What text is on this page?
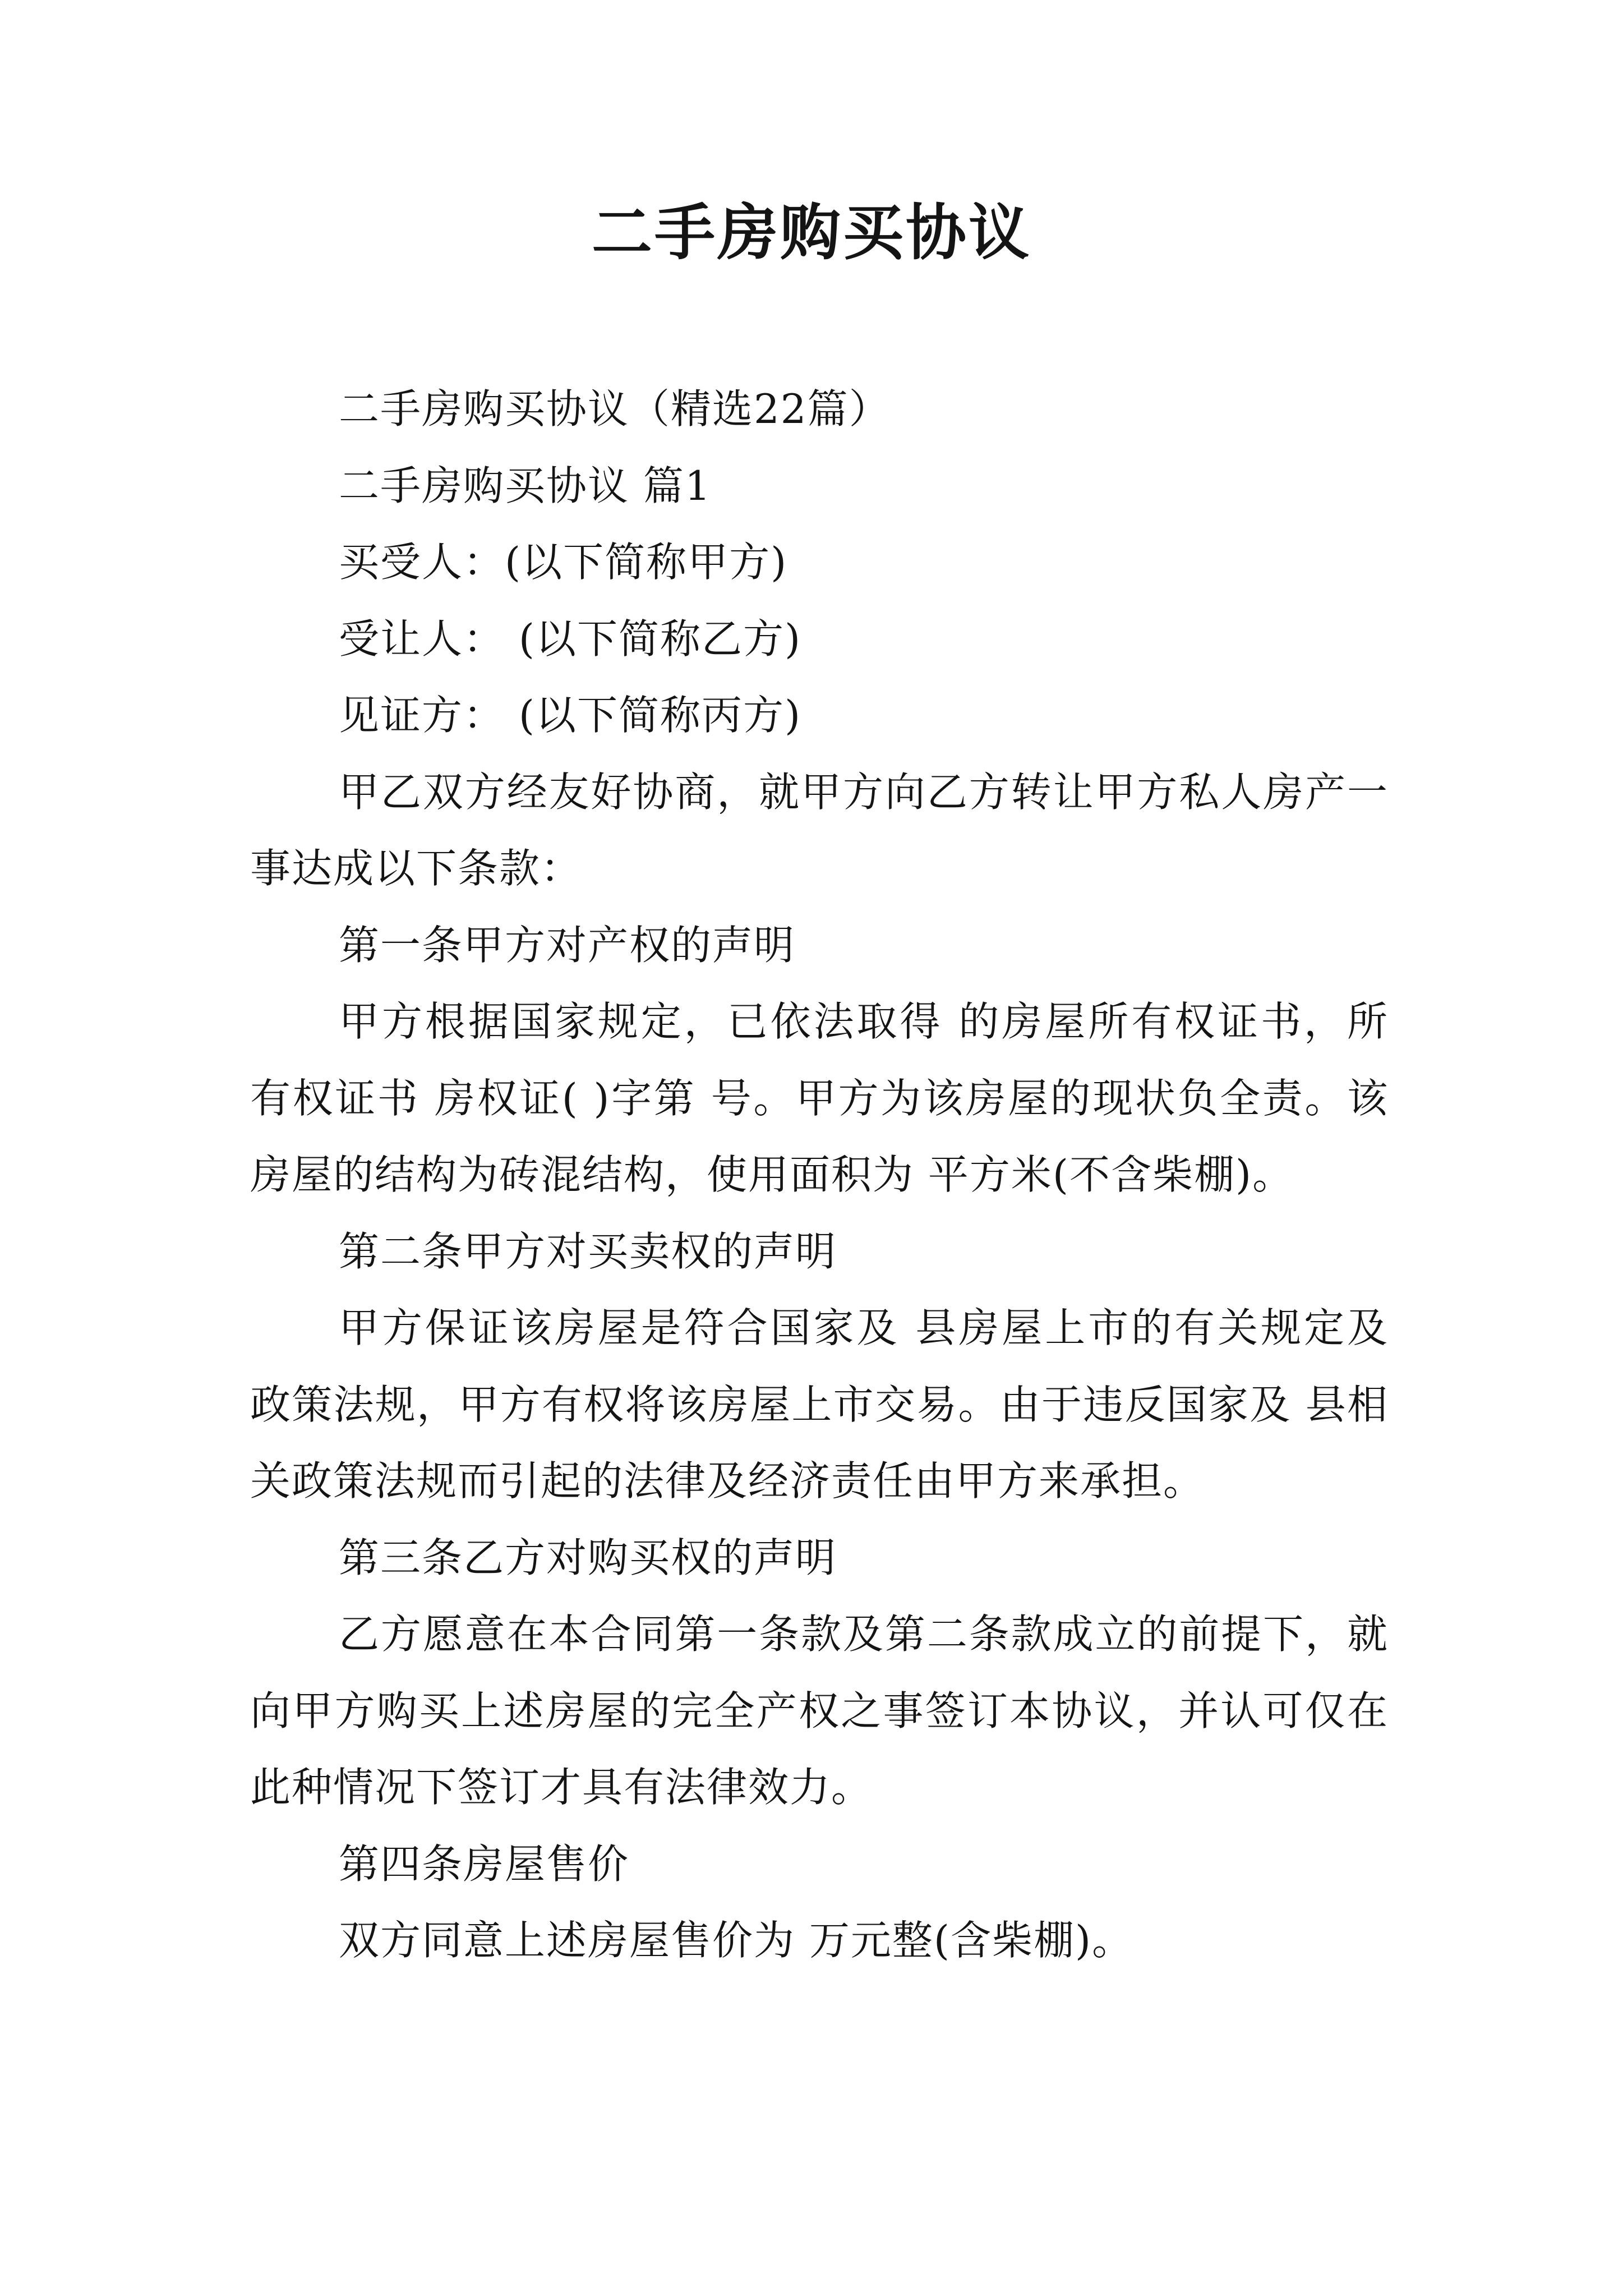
二手房购买协议

二手房购买协议（精选22篇）

二手房购买协议 篇1

买受人：(以下简称甲方)

受让人： (以下简称乙方)

见证方： (以下简称丙方)

甲乙双方经友好协商，就甲方向乙方转让甲方私人房产一事达成以下条款：

第一条甲方对产权的声明

甲方根据国家规定，已依法取得 的房屋所有权证书，所有权证书 房权证( )字第 号。甲方为该房屋的现状负全责。该房屋的结构为砖混结构，使用面积为 平方米(不含柴棚)。

第二条甲方对买卖权的声明

甲方保证该房屋是符合国家及 县房屋上市的有关规定及政策法规，甲方有权将该房屋上市交易。由于违反国家及 县相关政策法规而引起的法律及经济责任由甲方来承担。

第三条乙方对购买权的声明

乙方愿意在本合同第一条款及第二条款成立的前提下，就向甲方购买上述房屋的完全产权之事签订本协议，并认可仅在此种情况下签订才具有法律效力。

第四条房屋售价

双方同意上述房屋售价为 万元整(含柴棚)。
